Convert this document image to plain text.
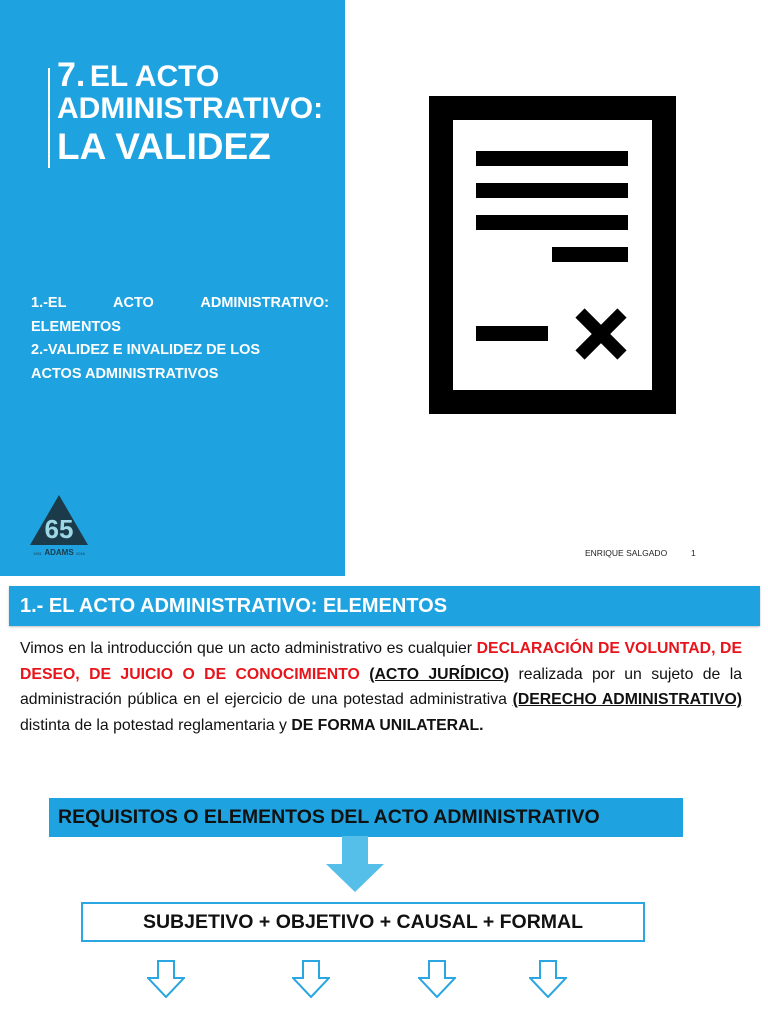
7. EL ACTO
ADMINISTRATIVO:
LA VALIDEZ
1.-EL	ACTO	ADMINISTRATIVO:
ELEMENTOS
2.-VALIDEZ E INVALIDEZ DE LOS
ACTOS ADMINISTRATIVOS
65
ADAMS
1951	2016	ENRIQUE SALGADO	1
1.- EL ACTO ADMINISTRATIVO: ELEMENTOS
Vimos en la introducción que un acto administrativo es cualquier DECLARACIÓN DE VOLUNTAD, DE DESEO, DE JUICIO O DE CONOCIMIENTO (ACTO JURÍDICO) realizada por un sujeto de la administración pública en el ejercicio de una potestad administrativa (DERECHO ADMINISTRATIVO) distinta de la potestad reglamentaria y DE FORMA UNILATERAL.
REQUISITOS O ELEMENTOS DEL ACTO ADMINISTRATIVO
SUBJETIVO + OBJETIVO + CAUSAL + FORMAL
